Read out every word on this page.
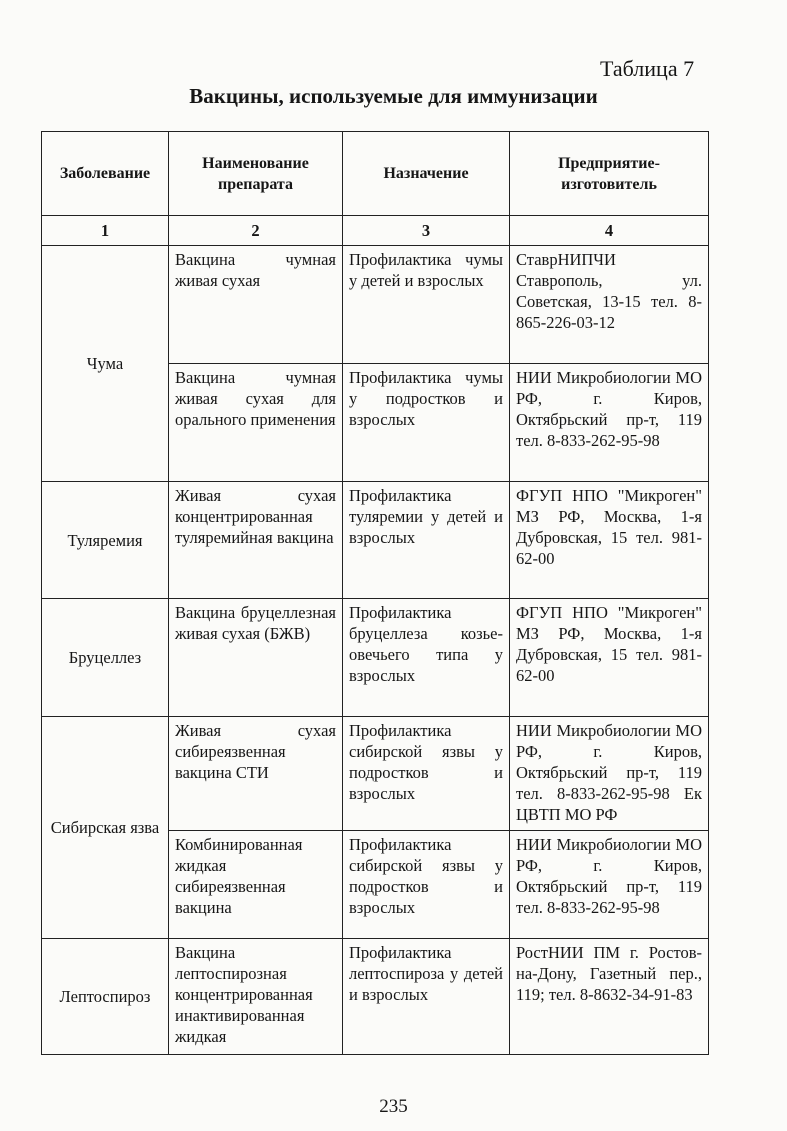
Таблица 7
Вакцины, используемые для иммунизации
Заболевание	Наименование препарата	Назначение	Предприятие-изготовитель
1	2	3	4
Чума	Вакцина чумная живая сухая	Профилактика чумы у детей и взрослых	СтаврНИПЧИ Ставрополь, ул. Советская, 13-15 тел. 8-865-226-03-12
	Вакцина чумная живая сухая для орального применения	Профилактика чумы у подростков и взрослых	НИИ Микробиологии МО РФ, г. Киров, Октябрьский пр-т, 119 тел. 8-833-262-95-98
Туляремия	Живая сухая концентрированная туляремийная вакцина	Профилактика туляремии у детей и взрослых	ФГУП НПО "Микроген" МЗ РФ, Москва, 1-я Дубровская, 15 тел. 981-62-00
Бруцеллез	Вакцина бруцеллезная живая сухая (БЖВ)	Профилактика бруцеллеза козье-овечьего типа у взрослых	ФГУП НПО "Микроген" МЗ РФ, Москва, 1-я Дубровская, 15 тел. 981-62-00
Сибирская язва	Живая сухая сибиреязвенная вакцина СТИ	Профилактика сибирской язвы у подростков и взрослых	НИИ Микробиологии МО РФ, г. Киров, Октябрьский пр-т, 119 тел. 8-833-262-95-98 Ек ЦВТП МО РФ
	Комбинированная жидкая сибиреязвенная вакцина	Профилактика сибирской язвы у подростков и взрослых	НИИ Микробиологии МО РФ, г. Киров, Октябрьский пр-т, 119 тел. 8-833-262-95-98
Лептоспироз	Вакцина лептоспирозная концентрированная инактивированная жидкая	Профилактика лептоспироза у детей и взрослых	РостНИИ ПМ г. Ростов-на-Дону, Газетный пер., 119; тел. 8-8632-34-91-83
235
